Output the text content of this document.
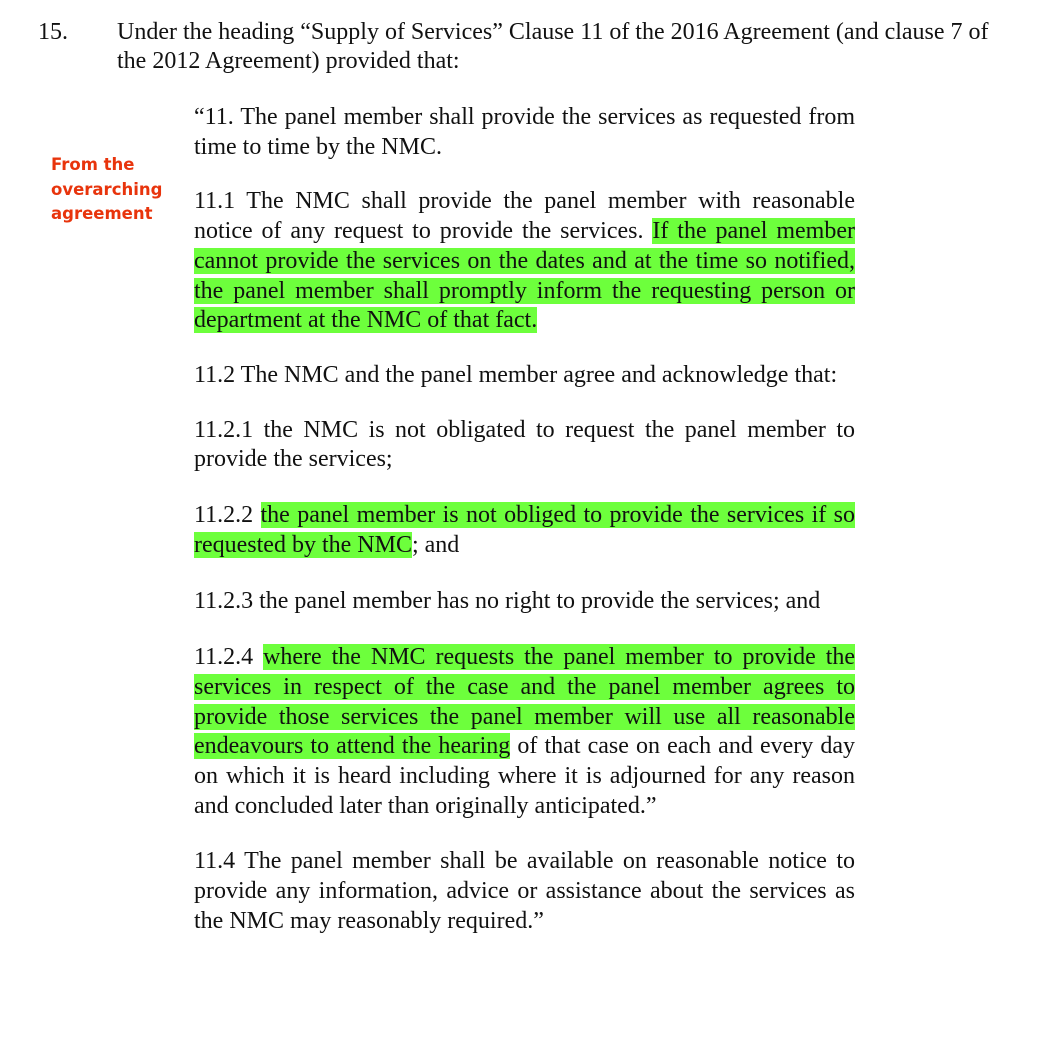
15. Under the heading “Supply of Services” Clause 11 of the 2016 Agreement (and clause 7 of the 2012 Agreement) provided that:
From the
overarching
agreement

“11. The panel member shall provide the services as requested from time to time by the NMC.

11.1 The NMC shall provide the panel member with reasonable notice of any request to provide the services. If the panel member cannot provide the services on the dates and at the time so notified, the panel member shall promptly inform the requesting person or department at the NMC of that fact.

11.2 The NMC and the panel member agree and acknowledge that:

11.2.1 the NMC is not obligated to request the panel member to provide the services;

11.2.2 the panel member is not obliged to provide the services if so requested by the NMC; and

11.2.3 the panel member has no right to provide the services; and

11.2.4 where the NMC requests the panel member to provide the services in respect of the case and the panel member agrees to provide those services the panel member will use all reasonable endeavours to attend the hearing of that case on each and every day on which it is heard including where it is adjourned for any reason and concluded later than originally anticipated.”

11.4 The panel member shall be available on reasonable notice to provide any information, advice or assistance about the services as the NMC may reasonably required.”
